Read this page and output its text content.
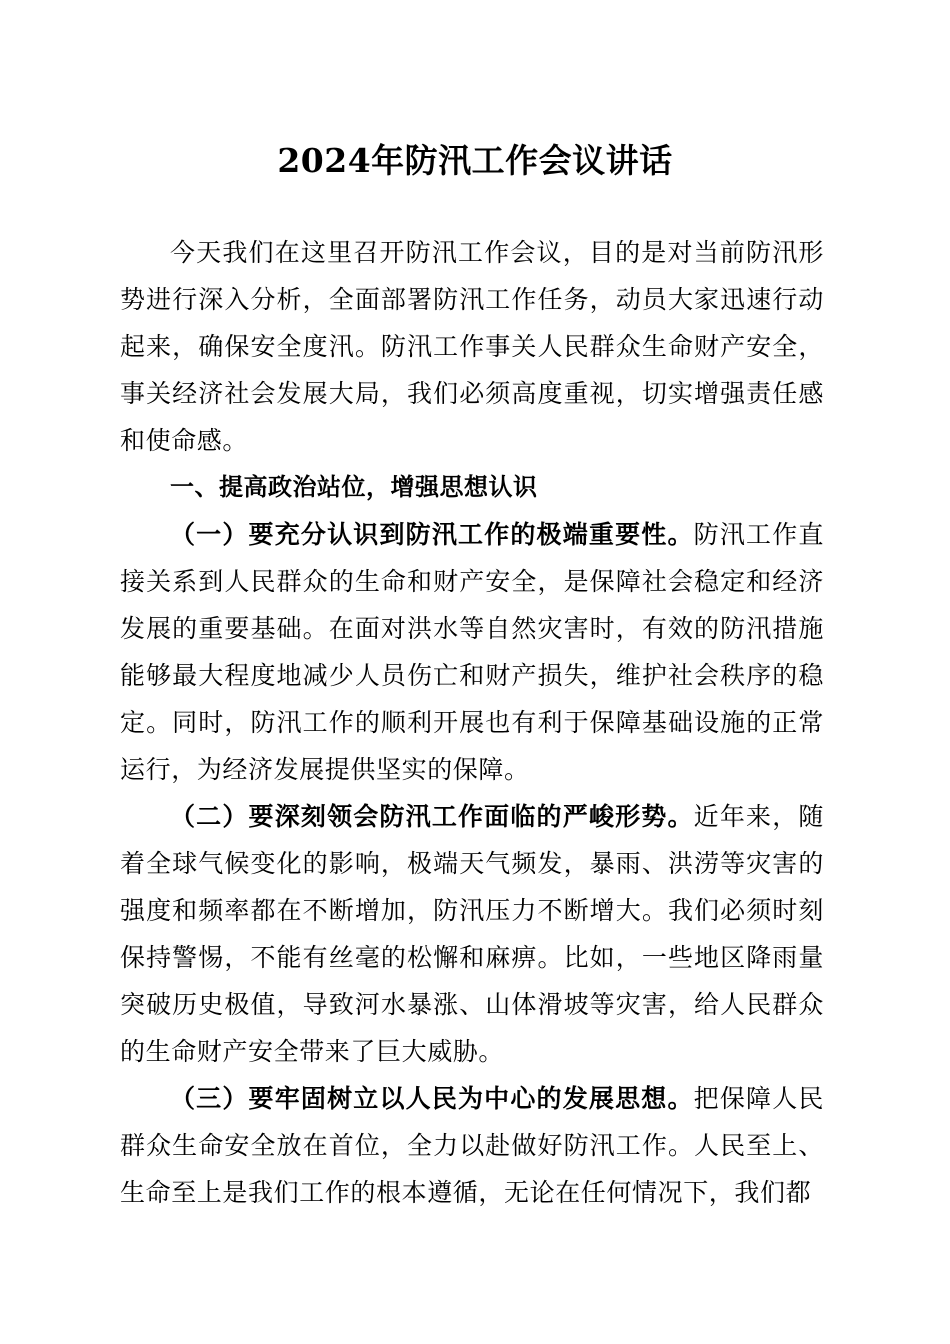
2024年防汛工作会议讲话

今天我们在这里召开防汛工作会议，目的是对当前防汛形势进行深入分析，全面部署防汛工作任务，动员大家迅速行动起来，确保安全度汛。防汛工作事关人民群众生命财产安全，事关经济社会发展大局，我们必须高度重视，切实增强责任感和使命感。

一、提高政治站位，增强思想认识

（一）要充分认识到防汛工作的极端重要性。防汛工作直接关系到人民群众的生命和财产安全，是保障社会稳定和经济发展的重要基础。在面对洪水等自然灾害时，有效的防汛措施能够最大程度地减少人员伤亡和财产损失，维护社会秩序的稳定。同时，防汛工作的顺利开展也有利于保障基础设施的正常运行，为经济发展提供坚实的保障。

（二）要深刻领会防汛工作面临的严峻形势。近年来，随着全球气候变化的影响，极端天气频发，暴雨、洪涝等灾害的强度和频率都在不断增加，防汛压力不断增大。我们必须时刻保持警惕，不能有丝毫的松懈和麻痹。比如，一些地区降雨量突破历史极值，导致河水暴涨、山体滑坡等灾害，给人民群众的生命财产安全带来了巨大威胁。

（三）要牢固树立以人民为中心的发展思想。把保障人民群众生命安全放在首位，全力以赴做好防汛工作。人民至上、生命至上是我们工作的根本遵循，无论在任何情况下，我们都
